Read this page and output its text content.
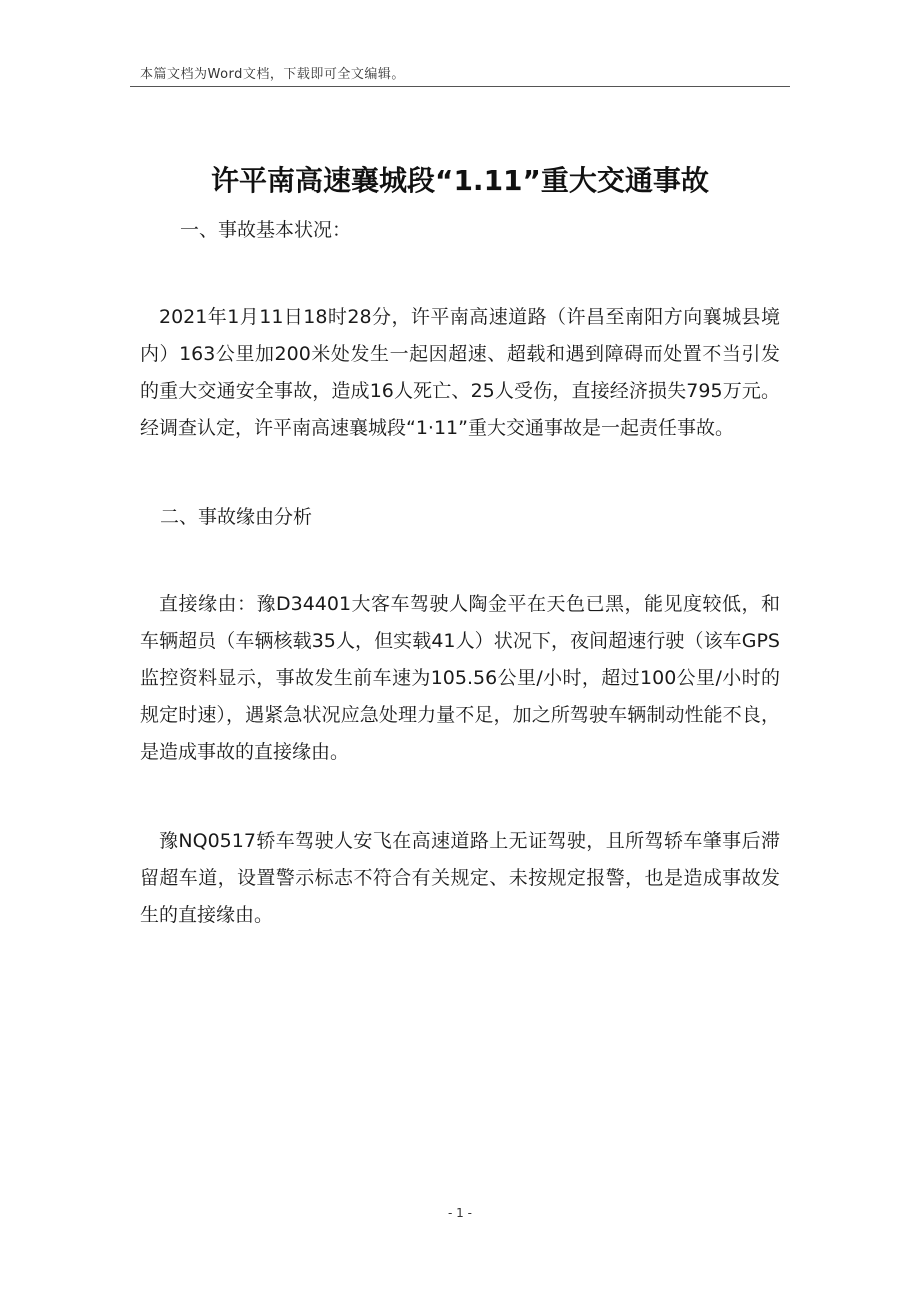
本篇文档为Word文档，下载即可全文编辑。
许平南高速襄城段“1.11”重大交通事故

一、事故基本状况：

2021年1月11日18时28分，许平南高速道路（许昌至南阳方向襄城县境内）163公里加200米处发生一起因超速、超载和遇到障碍而处置不当引发的重大交通安全事故，造成16人死亡、25人受伤，直接经济损失795万元。经调查认定，许平南高速襄城段“1·11”重大交通事故是一起责任事故。

二、事故缘由分析

直接缘由：豫D34401大客车驾驶人陶金平在天色已黑，能见度较低，和车辆超员（车辆核载35人，但实载41人）状况下，夜间超速行驶（该车GPS监控资料显示，事故发生前车速为105.56公里/小时，超过100公里/小时的规定时速），遇紧急状况应急处理力量不足，加之所驾驶车辆制动性能不良，是造成事故的直接缘由。

豫NQ0517轿车驾驶人安飞在高速道路上无证驾驶，且所驾轿车肇事后滞留超车道，设置警示标志不符合有关规定、未按规定报警，也是造成事故发生的直接缘由。

- 1 -
